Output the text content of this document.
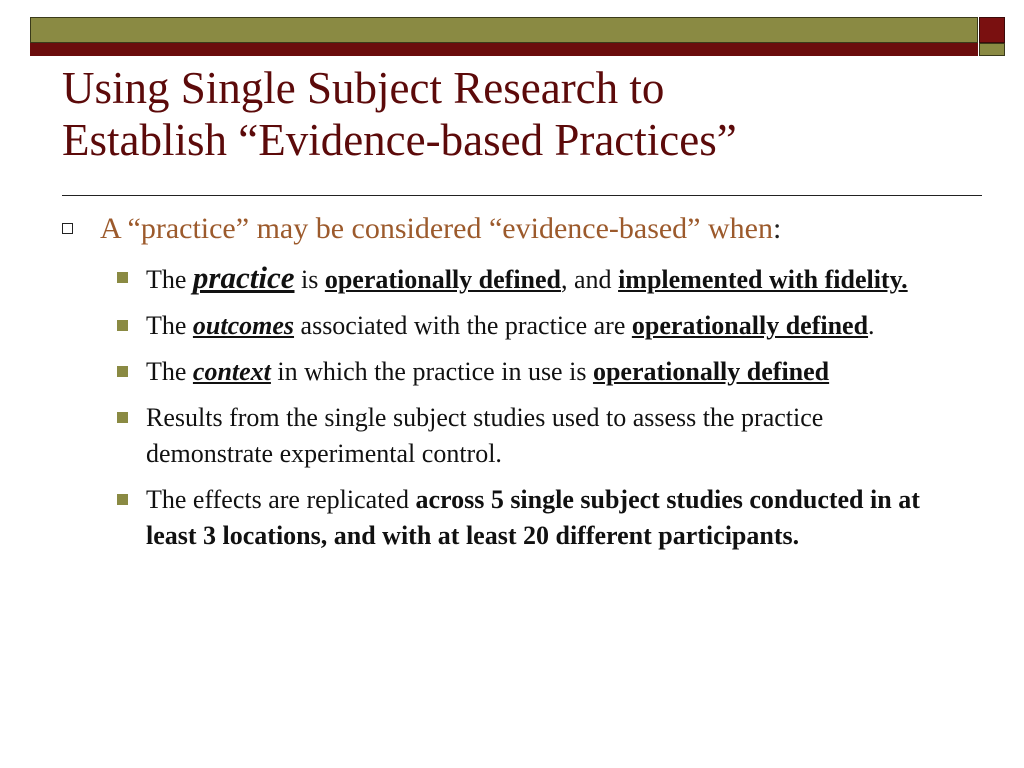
Using Single Subject Research to
Establish “Evidence-based Practices”
A “practice” may be considered “evidence-based” when:
The practice is operationally defined, and implemented with fidelity.
The outcomes associated with the practice are operationally defined.
The context in which the practice in use is operationally defined
Results from the single subject studies used to assess the practice demonstrate experimental control.
The effects are replicated across 5 single subject studies conducted in at least 3 locations, and with at least 20 different participants.
